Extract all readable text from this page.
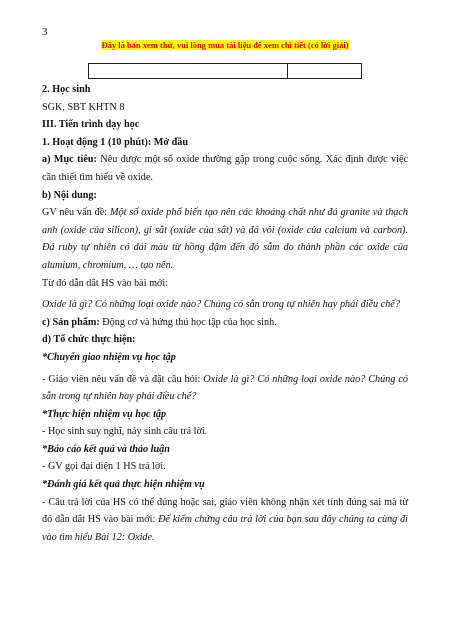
3
Đây là bản xem thử, vui lòng mua tài liệu để xem chi tiết (có lời giải)

2. Học sinh

SGK, SBT KHTN 8

III. Tiến trình dạy học

1. Hoạt động 1 (10 phút): Mở đầu

a) Mục tiêu: Nêu được một số oxide thường gặp trong cuộc sống. Xác định được việc cần thiết tìm hiểu về oxide.

b) Nội dung:

GV nêu vấn đề: Một số oxide phổ biến tạo nên các khoáng chất như đá granite và thạch anh (oxide của silicon), gỉ sắt (oxide của sắt) và đá vôi (oxide của calcium và carbon). Đá ruby tự nhiên có dải màu từ hồng đậm đến đỏ sẫm do thành phần các oxide của alumium, chromium, … tạo nên.

Từ đó dẫn dắt HS vào bài mới:

Oxide là gì? Có những loại oxide nào? Chúng có sẵn trong tự nhiên hay phải điều chế?

c) Sản phẩm: Động cơ và hứng thú học tập của học sinh.

d) Tổ chức thực hiện:

*Chuyển giao nhiệm vụ học tập

- Giáo viên nêu vấn đề và đặt câu hỏi: Oxide là gì? Có những loại oxide nào? Chúng có sẵn trong tự nhiên hay phải điều chế?

*Thực hiện nhiệm vụ học tập

- Học sinh suy nghĩ, nảy sinh câu trả lời.

*Báo cáo kết quả và thảo luận

- GV gọi đại diện 1 HS trả lời.

*Đánh giá kết quả thực hiện nhiệm vụ

- Câu trả lời của HS có thể đúng hoặc sai, giáo viên không nhận xét tính đúng sai mà từ đó dẫn dắt HS vào bài mới: Để kiểm chứng câu trả lời của bạn sau đây chúng ta cùng đi vào tìm hiểu Bài 12: Oxide.
